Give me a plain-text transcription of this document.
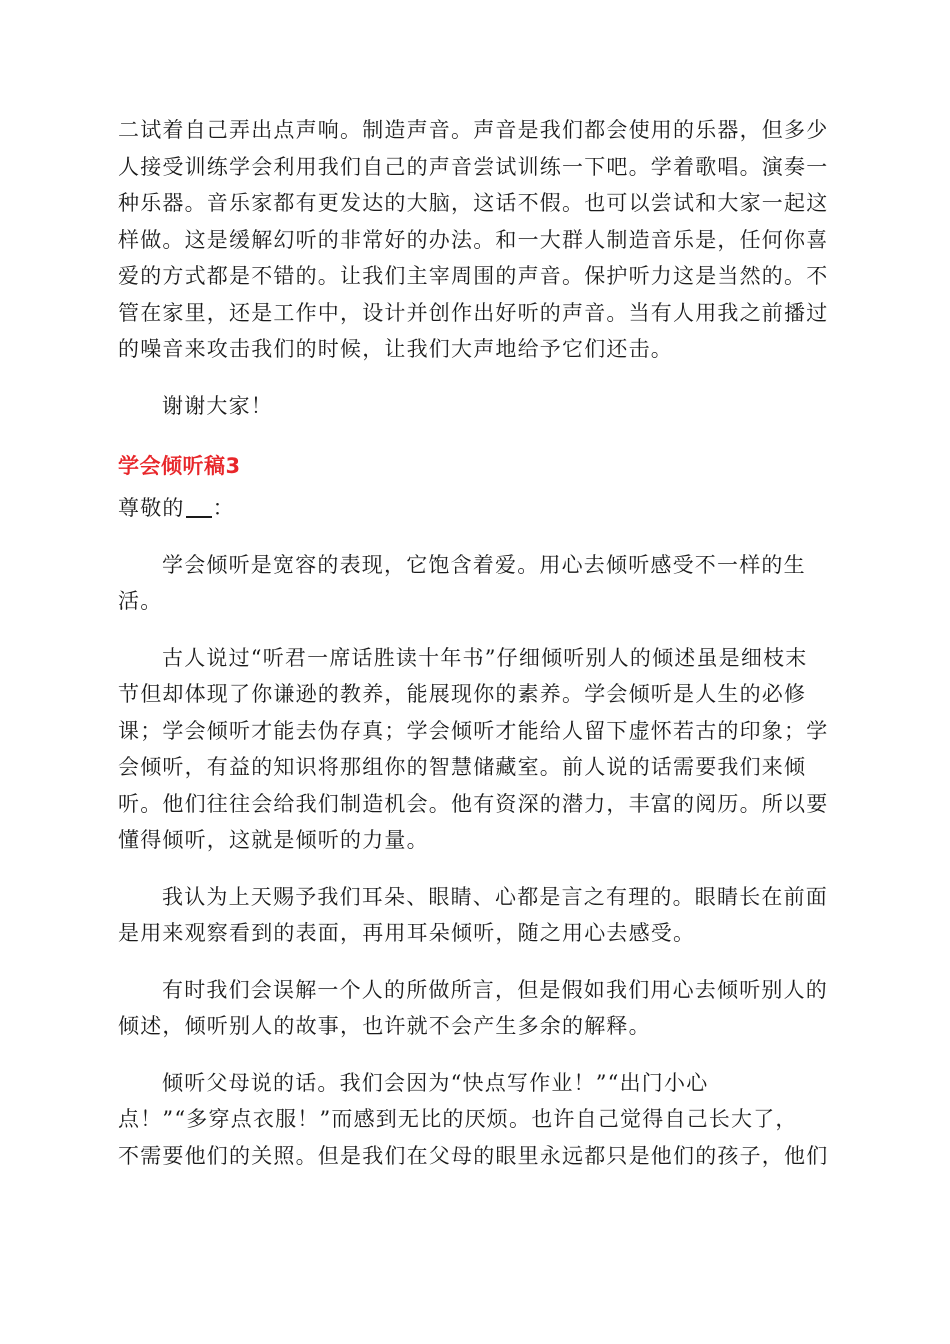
二试着自己弄出点声响。制造声音。声音是我们都会使用的乐器，但多少
人接受训练学会利用我们自己的声音尝试训练一下吧。学着歌唱。演奏一
种乐器。音乐家都有更发达的大脑，这话不假。也可以尝试和大家一起这
样做。这是缓解幻听的非常好的办法。和一大群人制造音乐是，任何你喜
爱的方式都是不错的。让我们主宰周围的声音。保护听力这是当然的。不
管在家里，还是工作中，设计并创作出好听的声音。当有人用我之前播过
的噪音来攻击我们的时候，让我们大声地给予它们还击。
谢谢大家！
学会倾听稿3
尊敬的 ：
学会倾听是宽容的表现，它饱含着爱。用心去倾听感受不一样的生
活。
古人说过“听君一席话胜读十年书”仔细倾听别人的倾述虽是细枝末
节但却体现了你谦逊的教养，能展现你的素养。学会倾听是人生的必修
课；学会倾听才能去伪存真；学会倾听才能给人留下虚怀若古的印象；学
会倾听，有益的知识将那组你的智慧储藏室。前人说的话需要我们来倾
听。他们往往会给我们制造机会。他有资深的潜力，丰富的阅历。所以要
懂得倾听，这就是倾听的力量。
我认为上天赐予我们耳朵、眼睛、心都是言之有理的。眼睛长在前面
是用来观察看到的表面，再用耳朵倾听，随之用心去感受。
有时我们会误解一个人的所做所言，但是假如我们用心去倾听别人的
倾述，倾听别人的故事，也许就不会产生多余的解释。
倾听父母说的话。我们会因为“快点写作业！”“出门小心
点！”“多穿点衣服！”而感到无比的厌烦。也许自己觉得自己长大了，
不需要他们的关照。但是我们在父母的眼里永远都只是他们的孩子，他们
